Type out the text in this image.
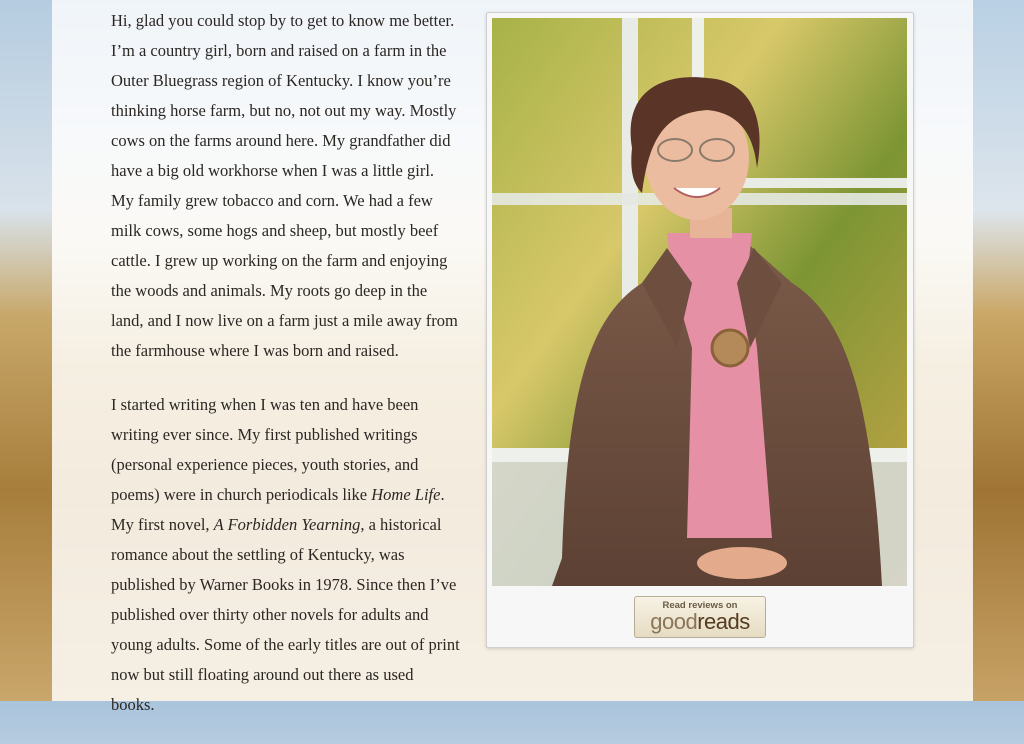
Hi, glad you could stop by to get to know me better. I’m a country girl, born and raised on a farm in the Outer Bluegrass region of Kentucky. I know you’re thinking horse farm, but no, not out my way. Mostly cows on the farms around here. My grandfather did have a big old workhorse when I was a little girl. My family grew tobacco and corn. We had a few milk cows, some hogs and sheep, but mostly beef cattle. I grew up working on the farm and enjoying the woods and animals. My roots go deep in the land, and I now live on a farm just a mile away from the farmhouse where I was born and raised.

I started writing when I was ten and have been writing ever since. My first published writings (personal experience pieces, youth stories, and poems) were in church periodicals like Home Life. My first novel, A Forbidden Yearning, a historical romance about the settling of Kentucky, was published by Warner Books in 1978. Since then I’ve published over thirty other novels for adults and young adults. Some of the early titles are out of print now but still floating around out there as used books.

Read reviews on
goodreads
